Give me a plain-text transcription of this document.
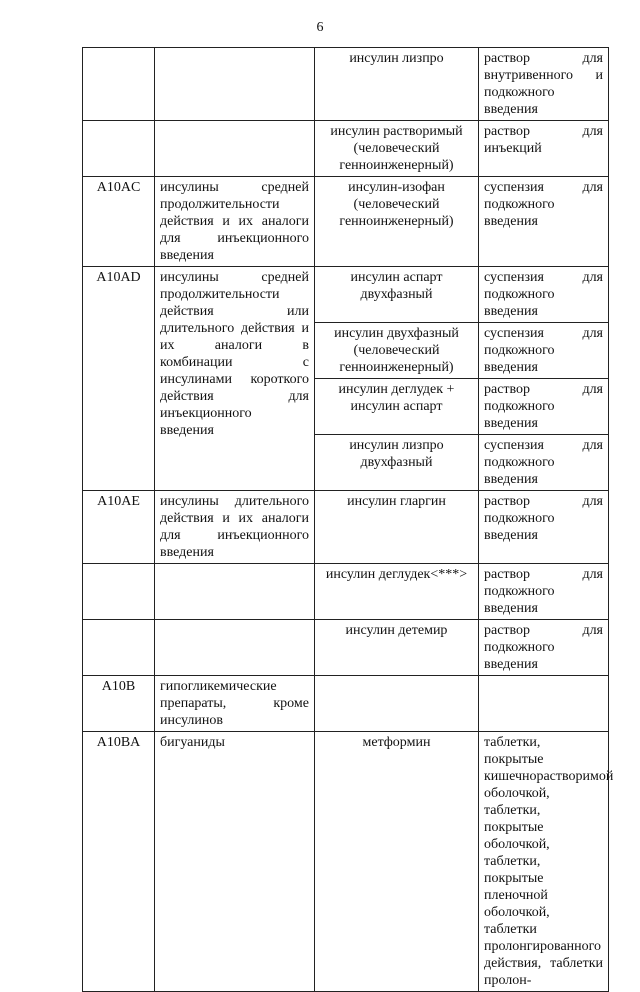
6
		инсулин лизпро	раствор для внутривенного и подкожного введения
		инсулин растворимый (человеческий генноинженерный)	раствор для инъекций
A10AC	инсулины средней продолжительности действия и их аналоги для инъекционного введения	инсулин-изофан (человеческий генноинженерный)	суспензия для подкожного введения
A10AD	инсулины средней продолжительности действия или длительного действия и их аналоги в комбинации с инсулинами короткого действия для инъекционного введения	инсулин аспарт двухфазный	суспензия для подкожного введения
		инсулин двухфазный (человеческий генноинженерный)	суспензия для подкожного введения
		инсулин деглудек + инсулин аспарт	раствор для подкожного введения
		инсулин лизпро двухфазный	суспензия для подкожного введения
A10AE	инсулины длительного действия и их аналоги для инъекционного введения	инсулин гларгин	раствор для подкожного введения
		инсулин деглудек<***>	раствор для подкожного введения
		инсулин детемир	раствор для подкожного введения
A10B	гипогликемические препараты, кроме инсулинов		
A10BA	бигуаниды	метформин	таблетки, покрытые кишечнорастворимой оболочкой, таблетки, покрытые оболочкой, таблетки, покрытые пленочной оболочкой, таблетки пролонгированного действия, таблетки пролон-
